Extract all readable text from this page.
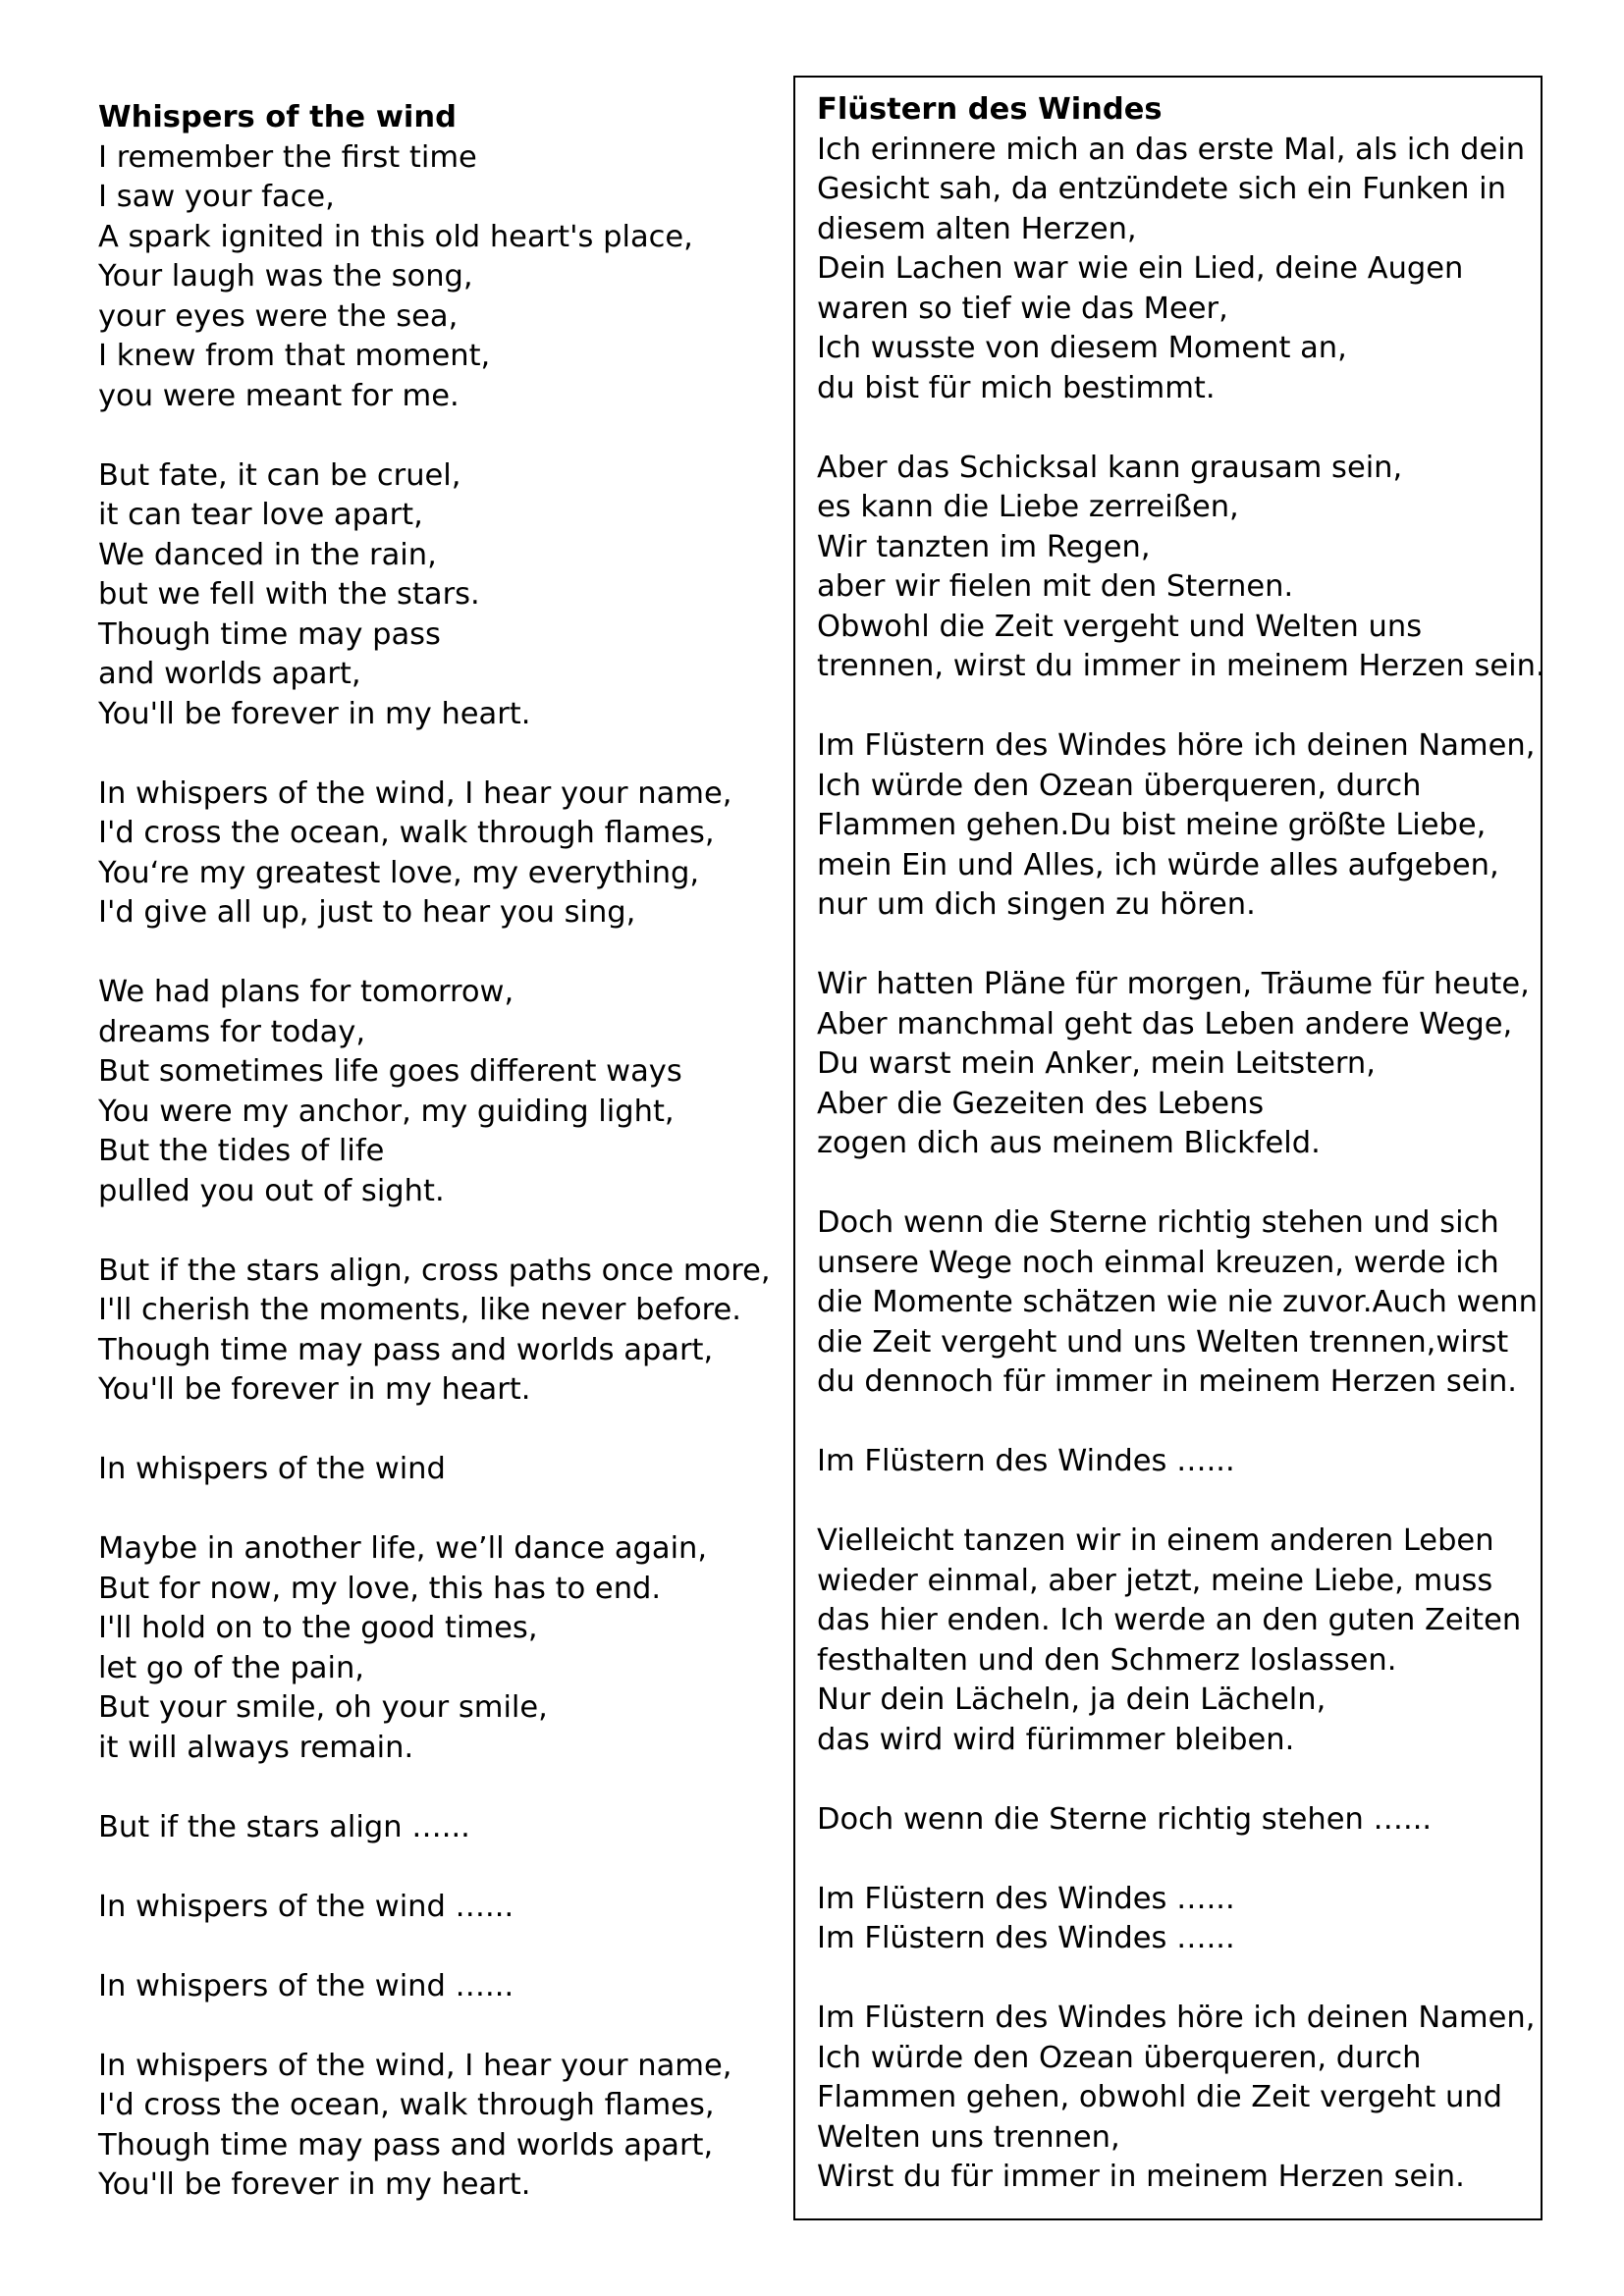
Whispers of the wind
I remember the first time
I saw your face,
A spark ignited in this old heart's place,
Your laugh was the song,
your eyes were the sea,
I knew from that moment,
you were meant for me.
But fate, it can be cruel,
it can tear love apart,
We danced in the rain,
but we fell with the stars.
Though time may pass
and worlds apart,
You'll be forever in my heart.
In whispers of the wind, I hear your name,
I'd cross the ocean, walk through flames,
You‘re my greatest love, my everything,
I'd give all up, just to hear you sing,
We had plans for tomorrow,
dreams for today,
But sometimes life goes different ways
You were my anchor, my guiding light,
But the tides of life
pulled you out of sight.
But if the stars align, cross paths once more,
I'll cherish the moments, like never before.
Though time may pass and worlds apart,
You'll be forever in my heart.
In whispers of the wind
Maybe in another life, we’ll dance again,
But for now, my love, this has to end.
I'll hold on to the good times,
let go of the pain,
But your smile, oh your smile,
it will always remain.
But if the stars align …...
In whispers of the wind …...
In whispers of the wind …...
In whispers of the wind, I hear your name,
I'd cross the ocean, walk through flames,
Though time may pass and worlds apart,
You'll be forever in my heart.
Flüstern des Windes
Ich erinnere mich an das erste Mal, als ich dein
Gesicht sah, da entzündete sich ein Funken in
diesem alten Herzen,
Dein Lachen war wie ein Lied, deine Augen
waren so tief wie das Meer,
Ich wusste von diesem Moment an,
du bist für mich bestimmt.
Aber das Schicksal kann grausam sein,
es kann die Liebe zerreißen,
Wir tanzten im Regen,
aber wir fielen mit den Sternen.
Obwohl die Zeit vergeht und Welten uns
trennen, wirst du immer in meinem Herzen sein.
Im Flüstern des Windes höre ich deinen Namen,
Ich würde den Ozean überqueren, durch
Flammen gehen.Du bist meine größte Liebe,
mein Ein und Alles, ich würde alles aufgeben,
nur um dich singen zu hören.
Wir hatten Pläne für morgen, Träume für heute,
Aber manchmal geht das Leben andere Wege,
Du warst mein Anker, mein Leitstern,
Aber die Gezeiten des Lebens
zogen dich aus meinem Blickfeld.
Doch wenn die Sterne richtig stehen und sich
unsere Wege noch einmal kreuzen, werde ich
die Momente schätzen wie nie zuvor.Auch wenn
die Zeit vergeht und uns Welten trennen,wirst
du dennoch für immer in meinem Herzen sein.
Im Flüstern des Windes …...
Vielleicht tanzen wir in einem anderen Leben
wieder einmal, aber jetzt, meine Liebe, muss
das hier enden. Ich werde an den guten Zeiten
festhalten und den Schmerz loslassen.
Nur dein Lächeln, ja dein Lächeln,
das wird wird fürimmer bleiben.
Doch wenn die Sterne richtig stehen …...
Im Flüstern des Windes …...
Im Flüstern des Windes …...
Im Flüstern des Windes höre ich deinen Namen,
Ich würde den Ozean überqueren, durch
Flammen gehen, obwohl die Zeit vergeht und
Welten uns trennen,
Wirst du für immer in meinem Herzen sein.
